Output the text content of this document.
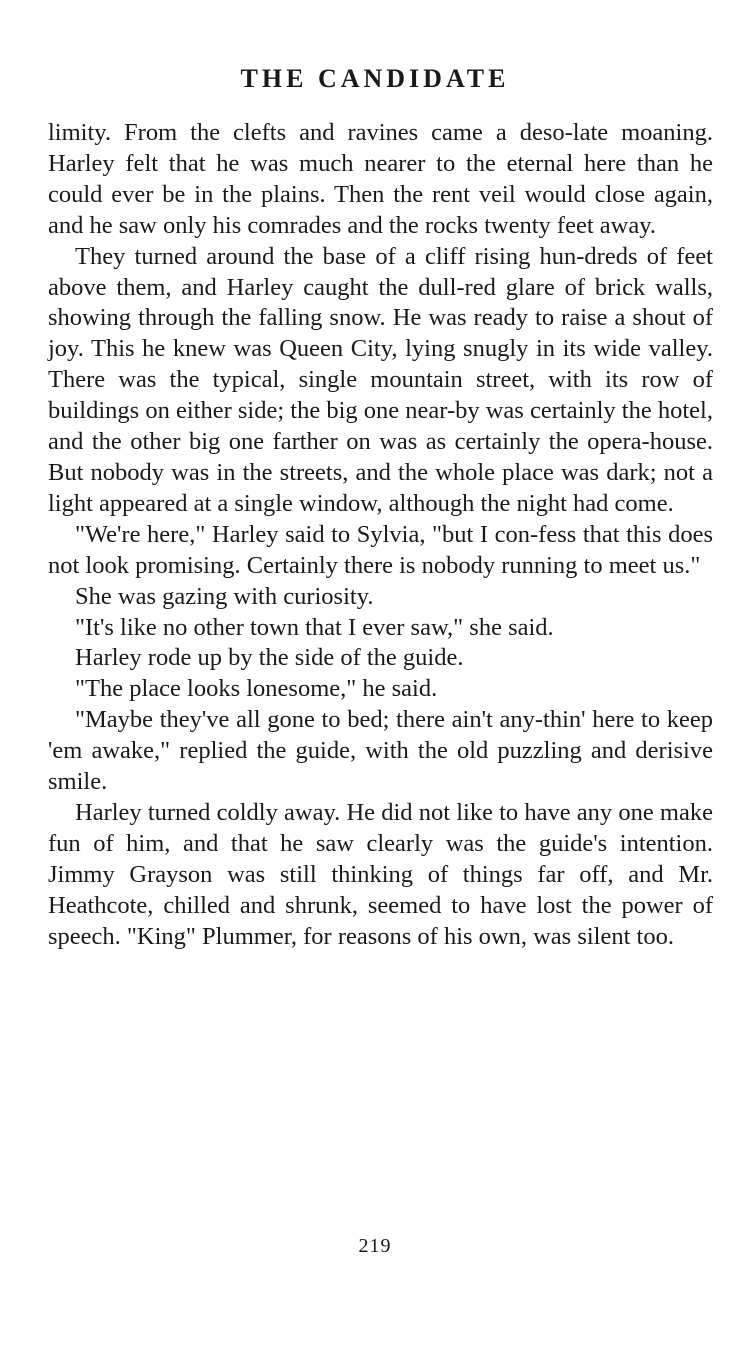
THE CANDIDATE

limity. From the clefts and ravines came a deso-late moaning. Harley felt that he was much nearer to the eternal here than he could ever be in the plains. Then the rent veil would close again, and he saw only his comrades and the rocks twenty feet away.

They turned around the base of a cliff rising hun-dreds of feet above them, and Harley caught the dull-red glare of brick walls, showing through the falling snow. He was ready to raise a shout of joy. This he knew was Queen City, lying snugly in its wide valley. There was the typical, single mountain street, with its row of buildings on either side; the big one near-by was certainly the hotel, and the other big one farther on was as certainly the opera-house. But nobody was in the streets, and the whole place was dark; not a light appeared at a single window, although the night had come.

"We're here," Harley said to Sylvia, "but I con-fess that this does not look promising. Certainly there is nobody running to meet us."

She was gazing with curiosity.

"It's like no other town that I ever saw," she said.

Harley rode up by the side of the guide.

"The place looks lonesome," he said.

"Maybe they've all gone to bed; there ain't any-thin' here to keep 'em awake," replied the guide, with the old puzzling and derisive smile.

Harley turned coldly away. He did not like to have any one make fun of him, and that he saw clearly was the guide's intention. Jimmy Grayson was still thinking of things far off, and Mr. Heathcote, chilled and shrunk, seemed to have lost the power of speech. "King" Plummer, for reasons of his own, was silent too.

219
